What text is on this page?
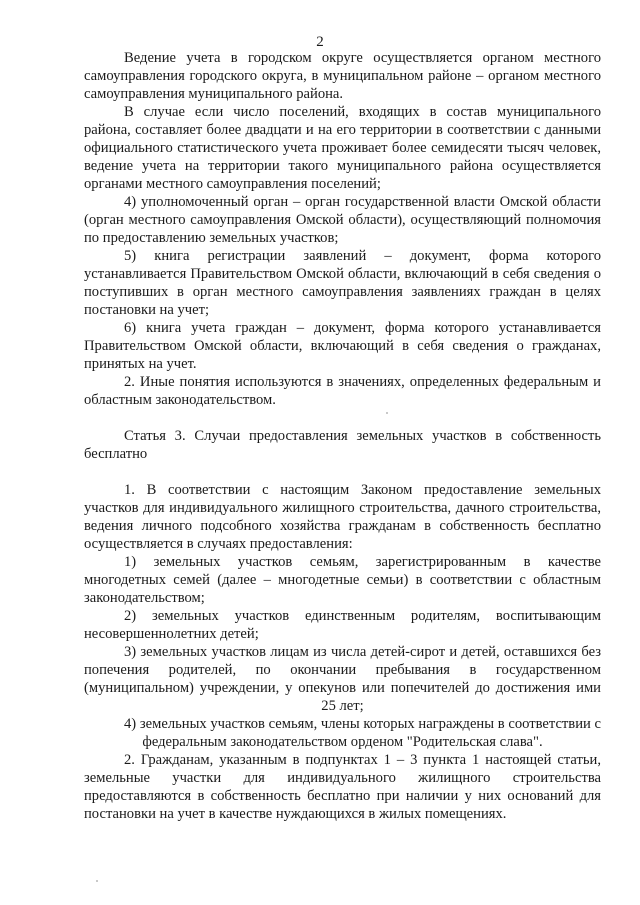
2

Ведение учета в городском округе осуществляется органом местного самоуправления городского округа, в муниципальном районе – органом местного самоуправления муниципального района.

В случае если число поселений, входящих в состав муниципального района, составляет более двадцати и на его территории в соответствии с данными официального статистического учета проживает более семидесяти тысяч человек, ведение учета на территории такого муниципального района осуществляется органами местного самоуправления поселений;

4) уполномоченный орган – орган государственной власти Омской области (орган местного самоуправления Омской области), осуществляющий полномочия по предоставлению земельных участков;

5) книга регистрации заявлений – документ, форма которого устанавливается Правительством Омской области, включающий в себя сведения о поступивших в орган местного самоуправления заявлениях граждан в целях постановки на учет;

6) книга учета граждан – документ, форма которого устанавливается Правительством Омской области, включающий в себя сведения о гражданах, принятых на учет.

2. Иные понятия используются в значениях, определенных федеральным и областным законодательством.

Статья 3. Случаи предоставления земельных участков в собственность бесплатно

1. В соответствии с настоящим Законом предоставление земельных участков для индивидуального жилищного строительства, дачного строительства, ведения личного подсобного хозяйства гражданам в собственность бесплатно осуществляется в случаях предоставления:

1) земельных участков семьям, зарегистрированным в качестве многодетных семей (далее – многодетные семьи) в соответствии с областным законодательством;

2) земельных участков единственным родителям, воспитывающим несовершеннолетних детей;

3) земельных участков лицам из числа детей-сирот и детей, оставшихся без попечения родителей, по окончании пребывания в государственном (муниципальном) учреждении, у опекунов или попечителей до достижения ими 25 лет;

4) земельных участков семьям, члены которых награждены в соответствии с федеральным законодательством орденом "Родительская слава".

2. Гражданам, указанным в подпунктах 1 – 3 пункта 1 настоящей статьи, земельные участки для индивидуального жилищного строительства предоставляются в собственность бесплатно при наличии у них оснований для постановки на учет в качестве нуждающихся в жилых помещениях.
